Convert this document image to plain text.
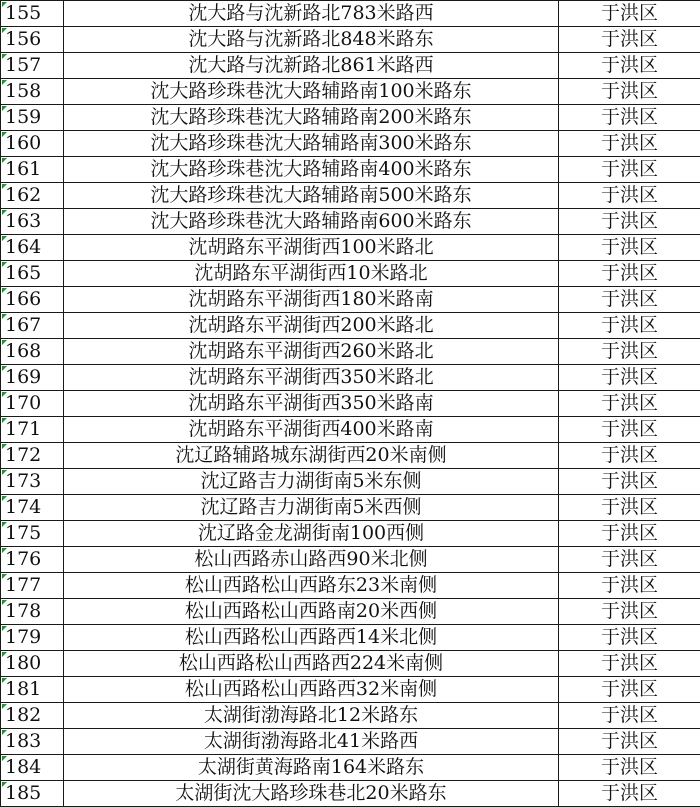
155	沈大路与沈新路北783米路西	于洪区

156	沈大路与沈新路北848米路东	于洪区

157	沈大路与沈新路北861米路西	于洪区

158	沈大路珍珠巷沈大路辅路南100米路东	于洪区

159	沈大路珍珠巷沈大路辅路南200米路东	于洪区

160	沈大路珍珠巷沈大路辅路南300米路东	于洪区

161	沈大路珍珠巷沈大路辅路南400米路东	于洪区

162	沈大路珍珠巷沈大路辅路南500米路东	于洪区

163	沈大路珍珠巷沈大路辅路南600米路东	于洪区

164	沈胡路东平湖街西100米路北	于洪区

165	沈胡路东平湖街西10米路北	于洪区

166	沈胡路东平湖街西180米路南	于洪区

167	沈胡路东平湖街西200米路北	于洪区

168	沈胡路东平湖街西260米路北	于洪区

169	沈胡路东平湖街西350米路北	于洪区

170	沈胡路东平湖街西350米路南	于洪区

171	沈胡路东平湖街西400米路南	于洪区

172	沈辽路辅路城东湖街西20米南侧	于洪区

173	沈辽路吉力湖街南5米东侧	于洪区

174	沈辽路吉力湖街南5米西侧	于洪区

175	沈辽路金龙湖街南100西侧	于洪区

176	松山西路赤山路西90米北侧	于洪区

177	松山西路松山西路东23米南侧	于洪区

178	松山西路松山西路南20米西侧	于洪区

179	松山西路松山西路西14米北侧	于洪区

180	松山西路松山西路西224米南侧	于洪区

181	松山西路松山西路西32米南侧	于洪区

182	太湖街渤海路北12米路东	于洪区

183	太湖街渤海路北41米路西	于洪区

184	太湖街黄海路南164米路东	于洪区

185	太湖街沈大路珍珠巷北20米路东	于洪区
